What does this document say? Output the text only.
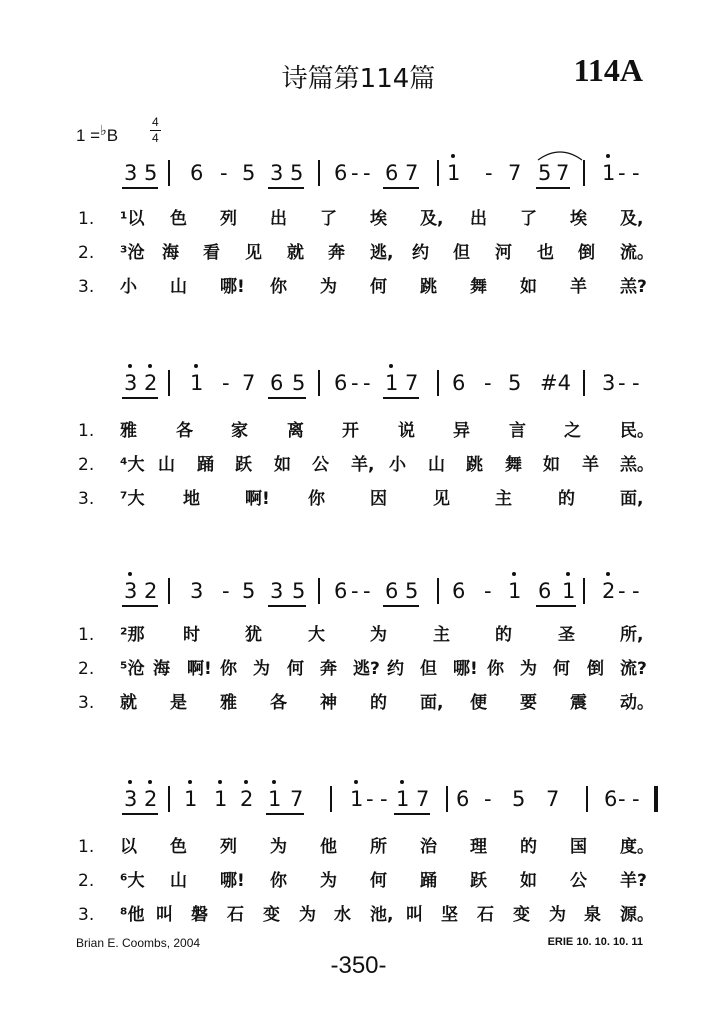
诗篇第114篇	114A
1 =♭B
4
4
3 5 6 - 5 3 5 6 - - 6 7 1 - 7 5 7 1 - -
1. ¹以 色 列 出 了 埃 及, 出 了 埃 及,
2. ³沧 海 看 见 就 奔 逃, 约 但 河 也 倒 流。
3. 小 山 哪! 你 为 何 跳 舞 如 羊 羔?
3 2 1 - 7 6 5 6 - - 1 7 6 - 5 #4 3 - -
1. 雅 各 家 离 开 说 异 言 之 民。
2. ⁴大 山 踊 跃 如 公 羊, 小 山 跳 舞 如 羊 羔。
3. ⁷大 地	啊! 你	因	见	主	的	面,
3 2 3 - 5 3 5 6 - - 6 5 6 - 1 6 1 2 - -
1. ²那 时	犹	大	为	主	的	圣	所,
2. ⁵沧 海 啊! 你 为 何 奔 逃? 约 但 哪! 你 为 何 倒 流?
3. 就 是 雅 各 神 的 面, 便 要 震 动。
3 2 1 1 2 1 7 1 - - 1 7 6 - 5 7 6 - -
1. 以 色 列 为 他 所 治 理 的 国 度。
2. ⁶大 山 哪! 你 为 何 踊 跃 如 公 羊?
3. ⁸他 叫 磐 石 变 为 水 池, 叫 坚 石 变 为 泉 源。
Brian E. Coombs, 2004	ERIE 10. 10. 10. 11
-350-
